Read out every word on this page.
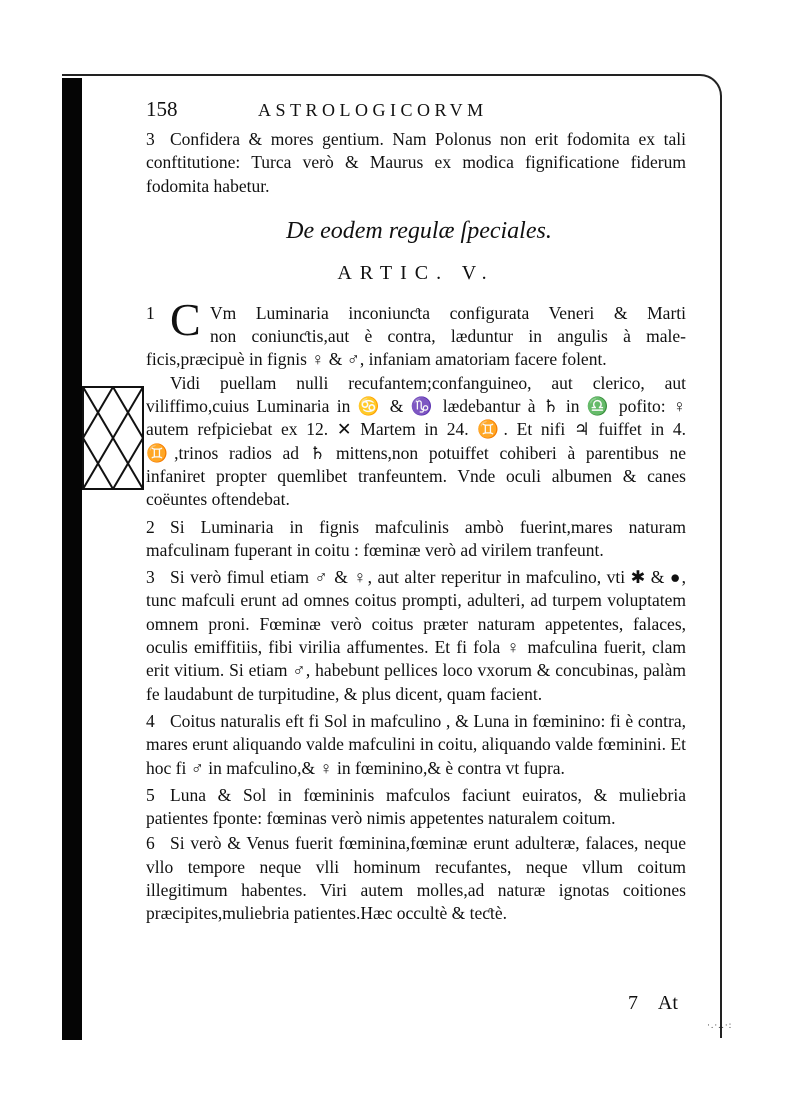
158	ASTROLOGICORVM

3 Confidera & mores gentium. Nam Polonus non erit fodomita ex tali conftitutione: Turca verò & Maurus ex modica fignificatione fiderum fodomita habetur.

De eodem regulæ ſpeciales.
ARTIC. V.
1 C Vm Luminaria inconiunƈta configurata Veneri & Marti
non coniunƈtis,aut è contra, læduntur in angulis à male-

ficis,præcipuè in fignis ♀ & ♂, infaniam amatoriam facere folent.

Vidi puellam nulli recufantem;confanguineo, aut clerico, aut viliffimo,cuius Luminaria in ♋ & ♑ lædebantur à ♄ in ♎ pofito: ♀ autem refpiciebat ex 12. ✕ Martem in 24. ♊. Et nifi ♃ fuiffet in 4. ♊,trinos radios ad ♄ mittens,non potuiffet cohiberi à parentibus ne infaniret propter quemlibet tranfeuntem. Vnde oculi albumen & canes coëuntes oftendebat.

2 Si Luminaria in fignis mafculinis ambò fuerint,mares naturam mafculinam fuperant in coitu : fœminæ verò ad virilem tranfeunt.

3 Si verò fimul etiam ♂ & ♀, aut alter reperitur in mafculino, vti ✱ & ●, tunc mafculi erunt ad omnes coitus prompti, adulteri, ad turpem voluptatem omnem proni. Fœminæ verò coitus præter naturam appetentes, falaces, oculis emiffitiis, fibi virilia affumentes. Et fi fola ♀ mafculina fuerit, clam erit vitium. Si etiam ♂, habebunt pellices loco vxorum & concubinas, palàm fe laudabunt de turpitudine, & plus dicent, quam facient.

4 Coitus naturalis eft fi Sol in mafculino , & Luna in fœminino: fi è contra, mares erunt aliquando valde mafculini in coitu, aliquando valde fœminini. Et hoc fi ♂ in mafculino,& ♀ in fœminino,& è contra vt fupra.

5 Luna & Sol in fœmininis mafculos faciunt euiratos, & muliebria patientes fponte: fœminas verò nimis appetentes naturalem coitum.

6 Si verò & Venus fuerit fœminina,fœminæ erunt adulteræ, falaces, neque vllo tempore neque vlli hominum recufantes, neque vllum coitum illegitimum habentes. Viri autem molles,ad naturæ ignotas coitiones præcipites,muliebria patientes.Hæc occultè & teƈtè.

7 At
·.·..·:
